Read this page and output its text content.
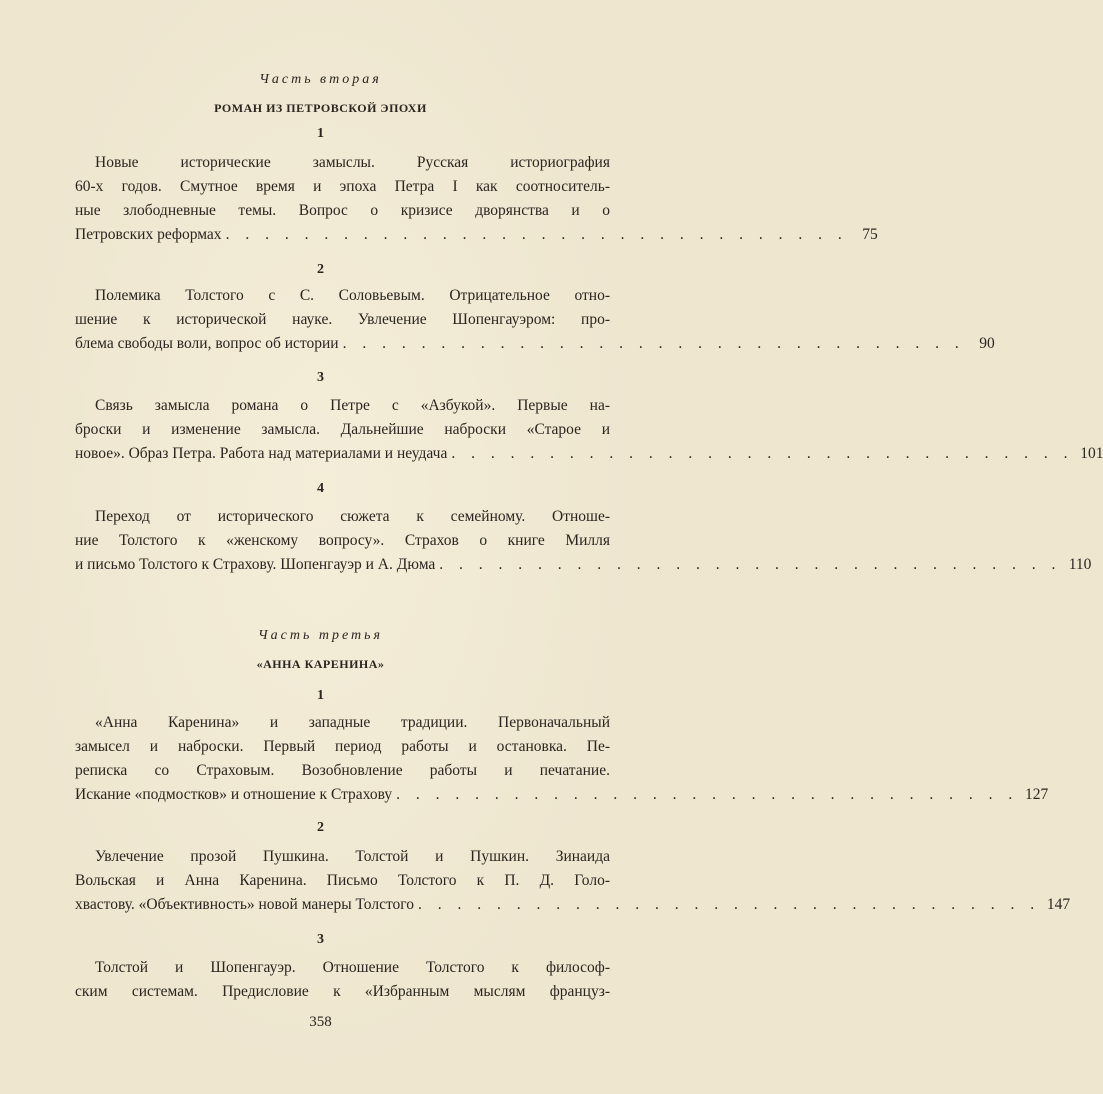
Часть вторая
РОМАН ИЗ ПЕТРОВСКОЙ ЭПОХИ
1
Новые исторические замыслы. Русская историография
60-х годов. Смутное время и эпоха Петра I как соотноситель-
ные злободневные темы. Вопрос о кризисе дворянства и о
Петровских реформах . . . . . . . . . . . . . . . . . . . . . . . . . . . . . . . . 75
2
Полемика Толстого с С. Соловьевым. Отрицательное отно-
шение к исторической науке. Увлечение Шопенгауэром: про-
блема свободы воли, вопрос об истории . . . . . . . . . . . . . . . . . . . . . . . . . . . . . . . . 90
3
Связь замысла романа о Петре с «Азбукой». Первые на-
броски и изменение замысла. Дальнейшие наброски «Старое и
новое». Образ Петра. Работа над материалами и неудача . . . . . . . . . . . . . . . . . . . . . . . . . . . . . . . . 101
4
Переход от исторического сюжета к семейному. Отноше-
ние Толстого к «женскому вопросу». Страхов о книге Милля
и письмо Толстого к Страхову. Шопенгауэр и А. Дюма . . . . . . . . . . . . . . . . . . . . . . . . . . . . . . . . 110
Часть третья
«АННА КАРЕНИНА»
1
«Анна Каренина» и западные традиции. Первоначальный
замысел и наброски. Первый период работы и остановка. Пе-
реписка со Страховым. Возобновление работы и печатание.
Искание «подмостков» и отношение к Страхову . . . . . . . . . . . . . . . . . . . . . . . . . . . . . . . . 127
2
Увлечение прозой Пушкина. Толстой и Пушкин. Зинаида
Вольская и Анна Каренина. Письмо Толстого к П. Д. Голо-
хвастову. «Объективность» новой манеры Толстого . . . . . . . . . . . . . . . . . . . . . . . . . . . . . . . . 147
3
Толстой и Шопенгауэр. Отношение Толстого к философ-
ским системам. Предисловие к «Избранным мыслям француз-
358
